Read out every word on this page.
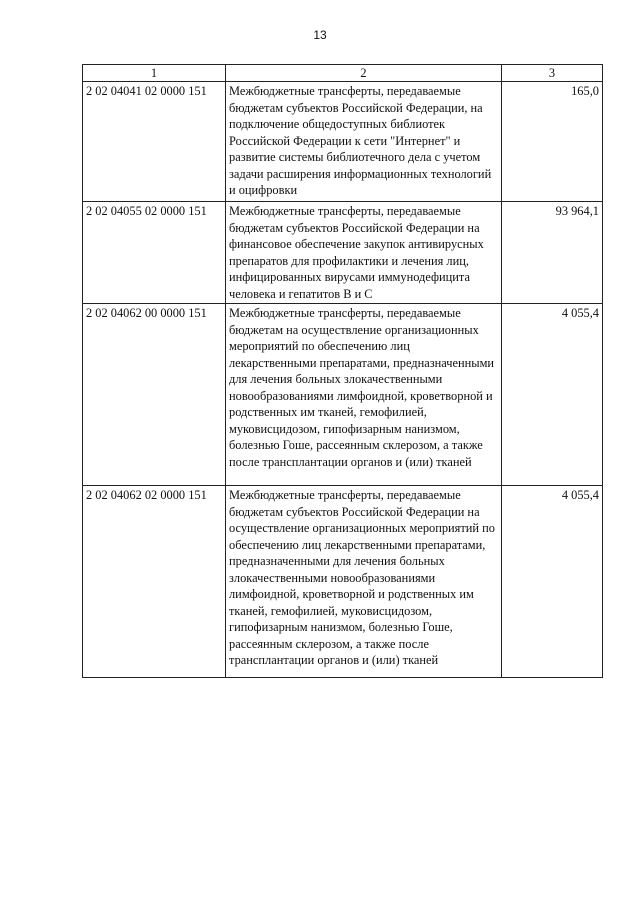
13
1	2	3
2 02 04041 02 0000 151	Межбюджетные трансферты, передаваемые бюджетам субъектов Российской Федерации, на подключение общедоступных библиотек Российской Федерации к сети "Интернет" и развитие системы библиотечного дела с учетом задачи расширения информационных технологий и оцифровки	165,0
2 02 04055 02 0000 151	Межбюджетные трансферты, передаваемые бюджетам субъектов Российской Федерации на финансовое обеспечение закупок антивирусных препаратов для профилактики и лечения лиц, инфицированных вирусами иммунодефицита человека и гепатитов В и С	93 964,1
2 02 04062 00 0000 151	Межбюджетные трансферты, передаваемые бюджетам на осуществление организационных мероприятий по обеспечению лиц лекарственными препаратами, предназначенными для лечения больных злокачественными новообразованиями лимфоидной, кроветворной и родственных им тканей, гемофилией, муковисцидозом, гипофизарным нанизмом, болезнью Гоше, рассеянным склерозом, а также после трансплантации органов и (или) тканей	4 055,4
2 02 04062 02 0000 151	Межбюджетные трансферты, передаваемые бюджетам субъектов Российской Федерации на осуществление организационных мероприятий по обеспечению лиц лекарственными препаратами, предназначенными для лечения больных злокачественными новообразованиями лимфоидной, кроветворной и родственных им тканей, гемофилией, муковисцидозом, гипофизарным нанизмом, болезнью Гоше, рассеянным склерозом, а также после трансплантации органов и (или) тканей	4 055,4
